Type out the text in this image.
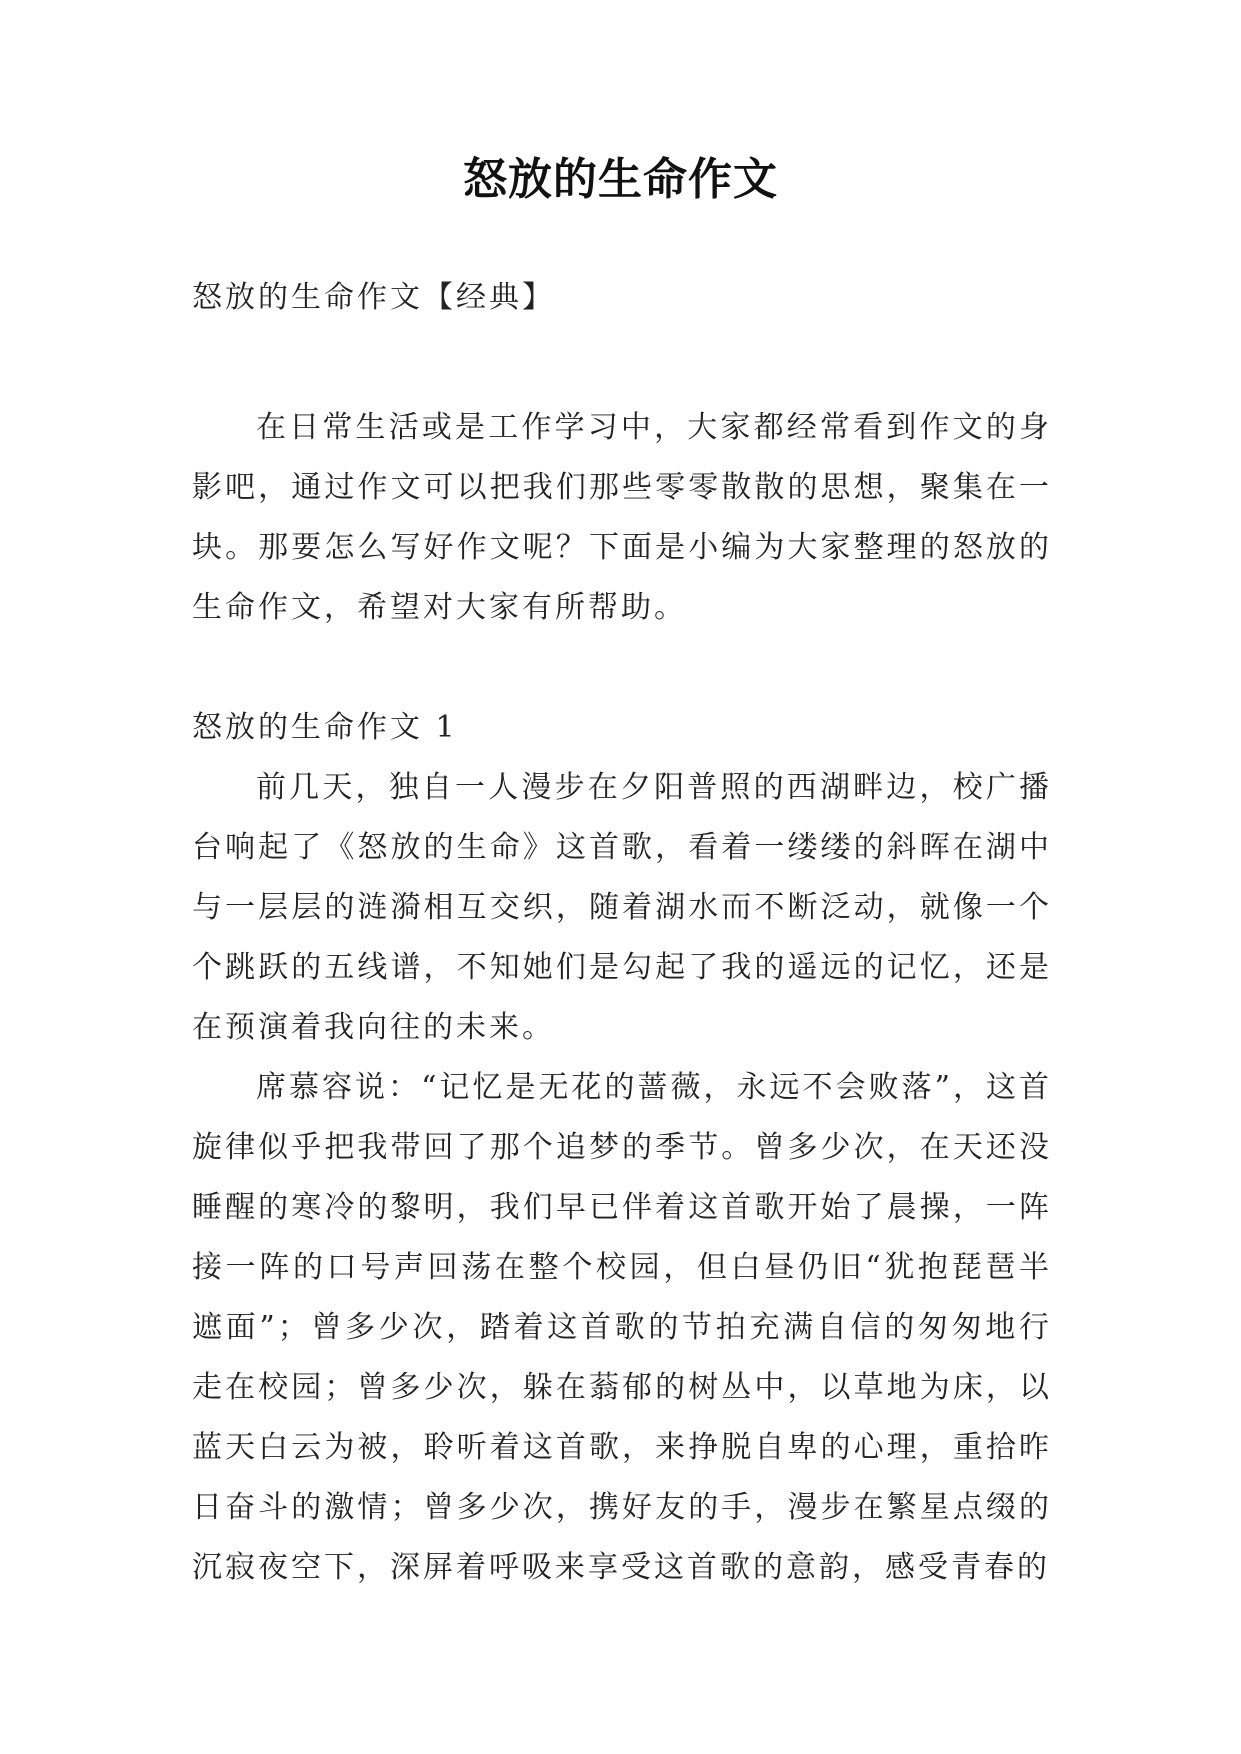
怒放的生命作文
怒放的生命作文【经典】

在日常生活或是工作学习中，大家都经常看到作文的身影吧，通过作文可以把我们那些零零散散的思想，聚集在一块。那要怎么写好作文呢？下面是小编为大家整理的怒放的生命作文，希望对大家有所帮助。

怒放的生命作文 1

前几天，独自一人漫步在夕阳普照的西湖畔边，校广播台响起了《怒放的生命》这首歌，看着一缕缕的斜晖在湖中与一层层的涟漪相互交织，随着湖水而不断泛动，就像一个个跳跃的五线谱，不知她们是勾起了我的遥远的记忆，还是在预演着我向往的未来。

席慕容说：“记忆是无花的蔷薇，永远不会败落”，这首旋律似乎把我带回了那个追梦的季节。曾多少次，在天还没睡醒的寒冷的黎明，我们早已伴着这首歌开始了晨操，一阵接一阵的口号声回荡在整个校园，但白昼仍旧“犹抱琵琶半遮面”；曾多少次，踏着这首歌的节拍充满自信的匆匆地行走在校园；曾多少次，躲在蓊郁的树丛中，以草地为床，以蓝天白云为被，聆听着这首歌，来挣脱自卑的心理，重拾昨日奋斗的激情；曾多少次，携好友的手，漫步在繁星点缀的沉寂夜空下，深屏着呼吸来享受这首歌的意韵，感受青春的
